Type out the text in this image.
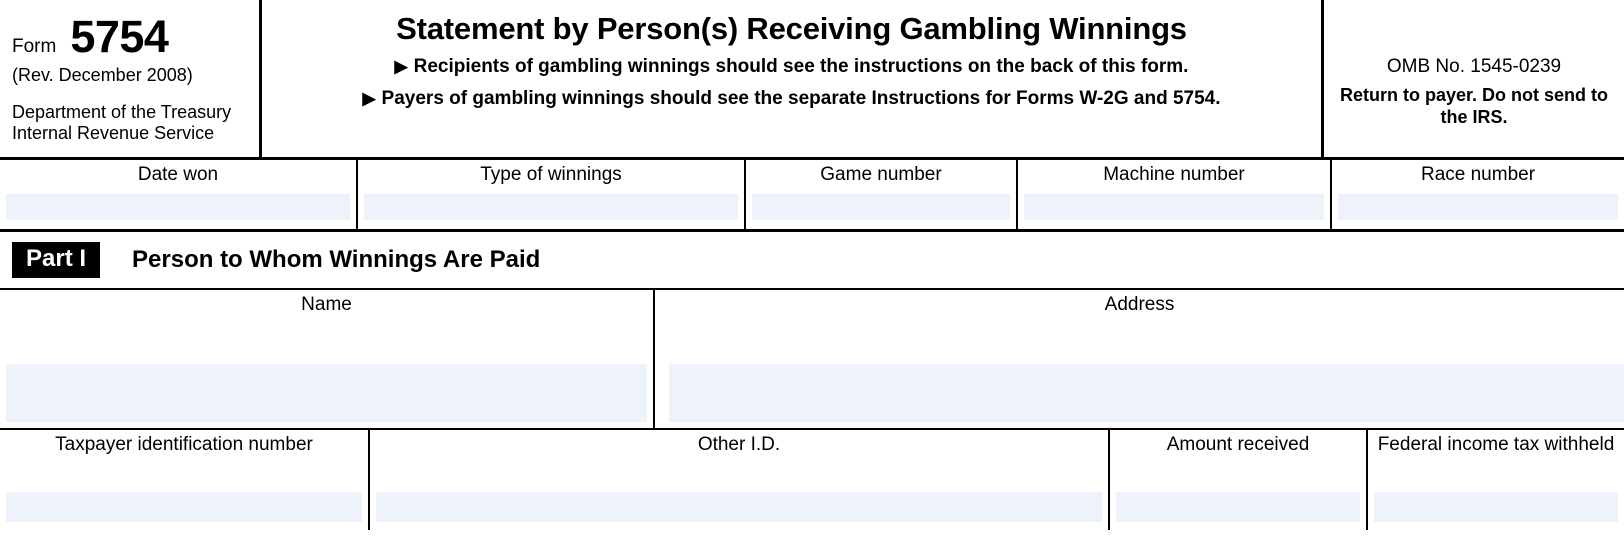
Form 5754
(Rev. December 2008)
Department of the Treasury
Internal Revenue Service
Statement by Person(s) Receiving Gambling Winnings
▶ Recipients of gambling winnings should see the instructions on the back of this form.
▶ Payers of gambling winnings should see the separate Instructions for Forms W-2G and 5754.
OMB No. 1545-0239
Return to payer. Do not send to the IRS.
Date won	Type of winnings	Game number	Machine number	Race number
Part I	Person to Whom Winnings Are Paid
Name	Address
Taxpayer identification number	Other I.D.	Amount received	Federal income tax withheld
